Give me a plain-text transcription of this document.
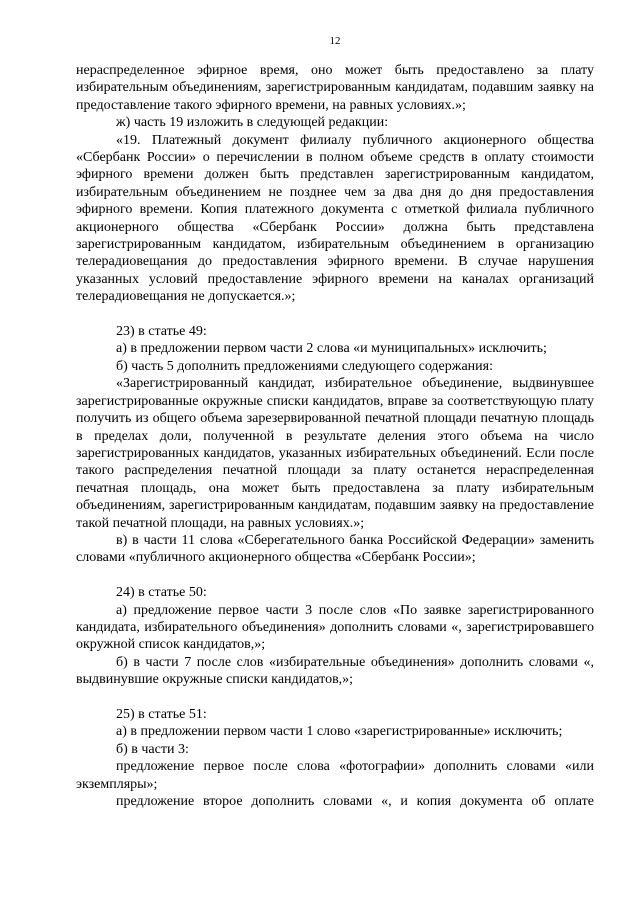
12

нераспределенное эфирное время, оно может быть предоставлено за плату избирательным объединениям, зарегистрированным кандидатам, подавшим заявку на предоставление такого эфирного времени, на равных условиях.»;

ж) часть 19 изложить в следующей редакции:

«19. Платежный документ филиалу публичного акционерного общества «Сбербанк России» о перечислении в полном объеме средств в оплату стоимости эфирного времени должен быть представлен зарегистрированным кандидатом, избирательным объединением не позднее чем за два дня до дня предоставления эфирного времени. Копия платежного документа с отметкой филиала публичного акционерного общества «Сбербанк России» должна быть представлена зарегистрированным кандидатом, избирательным объединением в организацию телерадиовещания до предоставления эфирного времени. В случае нарушения указанных условий предоставление эфирного времени на каналах организаций телерадиовещания не допускается.»;

23) в статье 49:

а) в предложении первом части 2 слова «и муниципальных» исключить;

б) часть 5 дополнить предложениями следующего содержания:

«Зарегистрированный кандидат, избирательное объединение, выдвинувшее зарегистрированные окружные списки кандидатов, вправе за соответствующую плату получить из общего объема зарезервированной печатной площади печатную площадь в пределах доли, полученной в результате деления этого объема на число зарегистрированных кандидатов, указанных избирательных объединений. Если после такого распределения печатной площади за плату останется нераспределенная печатная площадь, она может быть предоставлена за плату избирательным объединениям, зарегистрированным кандидатам, подавшим заявку на предоставление такой печатной площади, на равных условиях.»;

в) в части 11 слова «Сберегательного банка Российской Федерации» заменить словами «публичного акционерного общества «Сбербанк России»;

24) в статье 50:

а) предложение первое части 3 после слов «По заявке зарегистрированного кандидата, избирательного объединения» дополнить словами «, зарегистрировавшего окружной список кандидатов,»;

б) в части 7 после слов «избирательные объединения» дополнить словами «, выдвинувшие окружные списки кандидатов,»;

25) в статье 51:

а) в предложении первом части 1 слово «зарегистрированные» исключить;

б) в части 3:

предложение первое после слова «фотографии» дополнить словами «или экземпляры»;

предложение второе дополнить словами «, и копия документа об оплате
